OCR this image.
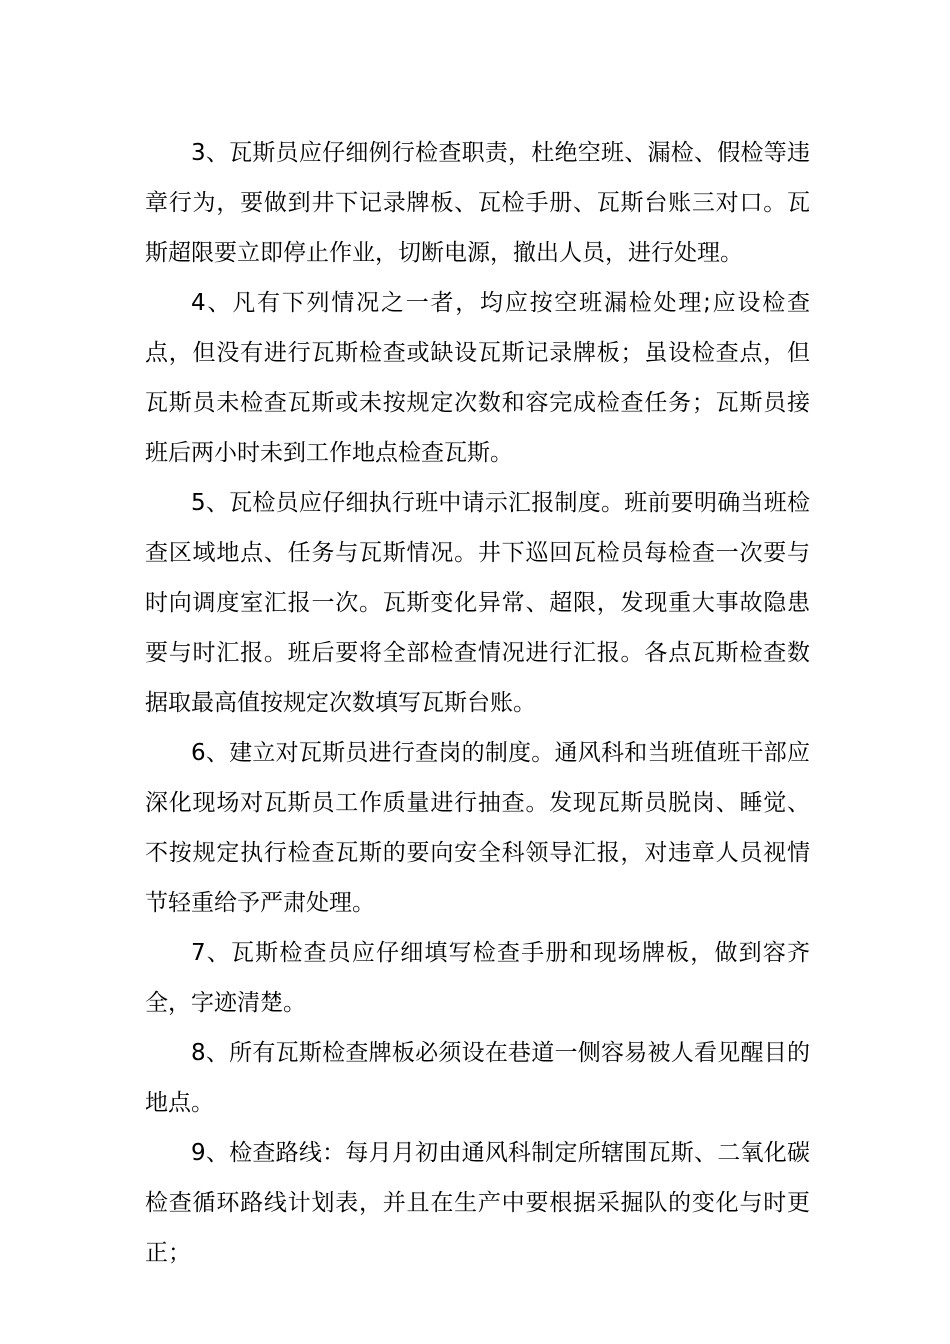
3、瓦斯员应仔细例行检查职责，杜绝空班、漏检、假检等违章行为，要做到井下记录牌板、瓦检手册、瓦斯台账三对口。瓦斯超限要立即停止作业，切断电源，撤出人员，进行处理。

4、凡有下列情况之一者，均应按空班漏检处理;应设检查点，但没有进行瓦斯检查或缺设瓦斯记录牌板；虽设检查点，但瓦斯员未检查瓦斯或未按规定次数和容完成检查任务；瓦斯员接班后两小时未到工作地点检查瓦斯。

5、瓦检员应仔细执行班中请示汇报制度。班前要明确当班检查区域地点、任务与瓦斯情况。井下巡回瓦检员每检查一次要与时向调度室汇报一次。瓦斯变化异常、超限，发现重大事故隐患要与时汇报。班后要将全部检查情况进行汇报。各点瓦斯检查数据取最高值按规定次数填写瓦斯台账。

6、建立对瓦斯员进行查岗的制度。通风科和当班值班干部应深化现场对瓦斯员工作质量进行抽查。发现瓦斯员脱岗、睡觉、不按规定执行检查瓦斯的要向安全科领导汇报，对违章人员视情节轻重给予严肃处理。

7、瓦斯检查员应仔细填写检查手册和现场牌板，做到容齐全，字迹清楚。

8、所有瓦斯检查牌板必须设在巷道一侧容易被人看见醒目的地点。

9、检查路线：每月月初由通风科制定所辖围瓦斯、二氧化碳检查循环路线计划表，并且在生产中要根据采掘队的变化与时更正；
